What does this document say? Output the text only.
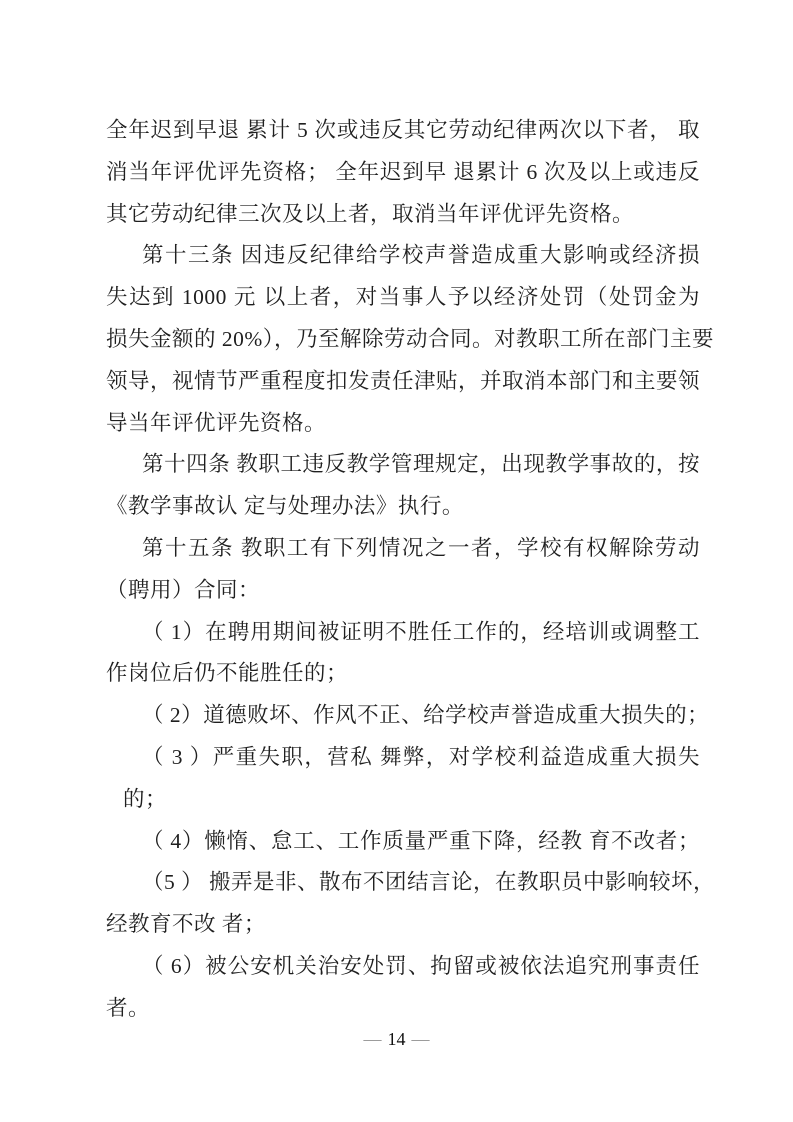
全年迟到早退 累计 5 次或违反其它劳动纪律两次以下者， 取
消当年评优评先资格； 全年迟到早 退累计 6 次及以上或违反
其它劳动纪律三次及以上者，取消当年评优评先资格。
第十三条 因违反纪律给学校声誉造成重大影响或经济损
失达到 1000 元 以上者，对当事人予以经济处罚（处罚金为
损失金额的 20%），乃至解除劳动合同。对教职工所在部门主要
领导，视情节严重程度扣发责任津贴，并取消本部门和主要领
导当年评优评先资格。
第十四条 教职工违反教学管理规定，出现教学事故的，按
《教学事故认 定与处理办法》执行。
第十五条 教职工有下列情况之一者，学校有权解除劳动
（聘用）合同：
（ 1）在聘用期间被证明不胜任工作的，经培训或调整工
作岗位后仍不能胜任的；
（ 2）道德败坏、作风不正、给学校声誉造成重大损失的；
（ 3 ）严重失职，营私 舞弊，对学校利益造成重大损失
的；
（ 4）懒惰、怠工、工作质量严重下降，经教 育不改者；
（5 ） 搬弄是非、散布不团结言论，在教职员中影响较坏，
经教育不改 者；
（ 6）被公安机关治安处罚、拘留或被依法追究刑事责任
者。
— 14 —
